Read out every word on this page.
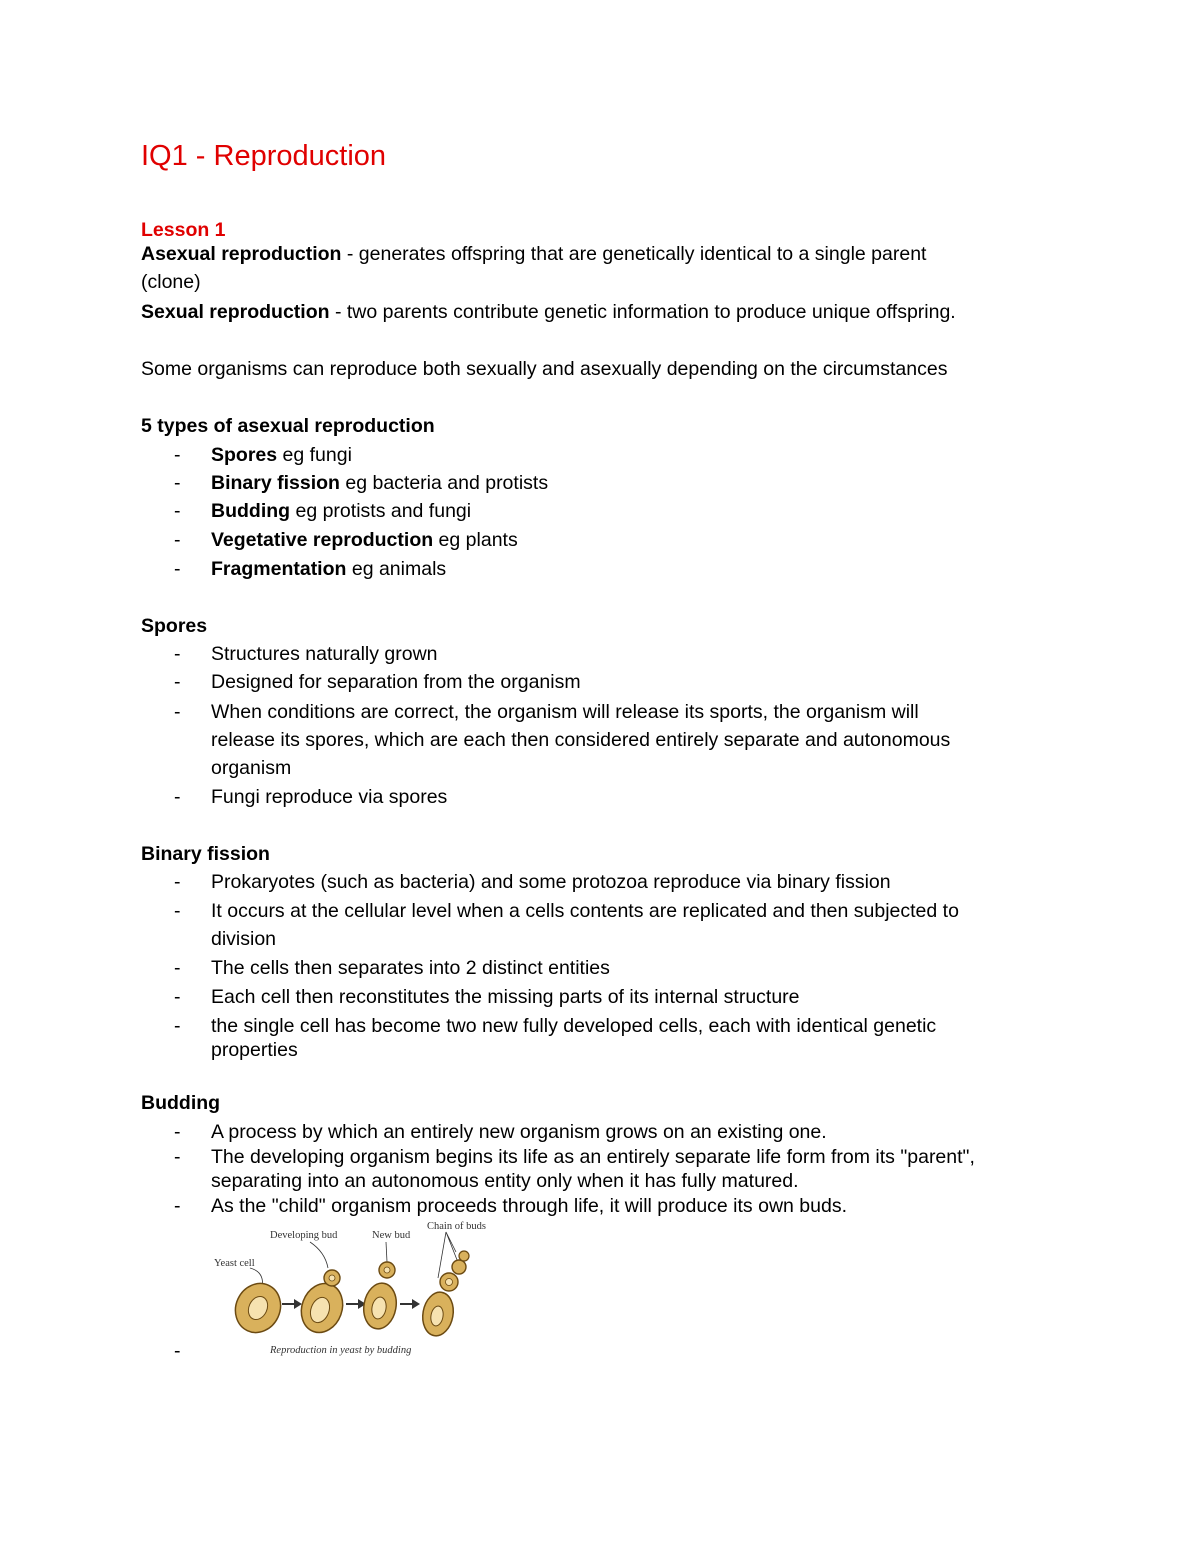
IQ1 - Reproduction
Lesson 1
Asexual reproduction - generates offspring that are genetically identical to a single parent
(clone)
Sexual reproduction - two parents contribute genetic information to produce unique offspring.
Some organisms can reproduce both sexually and asexually depending on the circumstances
5 types of asexual reproduction
- Spores eg fungi
- Binary fission eg bacteria and protists
- Budding eg protists and fungi
- Vegetative reproduction eg plants
- Fragmentation eg animals
Spores
- Structures naturally grown
- Designed for separation from the organism
- When conditions are correct, the organism will release its sports, the organism will
release its spores, which are each then considered entirely separate and autonomous
organism
- Fungi reproduce via spores
Binary fission
- Prokaryotes (such as bacteria) and some protozoa reproduce via binary fission
- It occurs at the cellular level when a cells contents are replicated and then subjected to
division
- The cells then separates into 2 distinct entities
- Each cell then reconstitutes the missing parts of its internal structure
- the single cell has become two new fully developed cells, each with identical genetic
properties
Budding
- A process by which an entirely new organism grows on an existing one.
- The developing organism begins its life as an entirely separate life form from its "parent",
separating into an autonomous entity only when it has fully matured.
- As the "child" organism proceeds through life, it will produce its own buds.
-
Yeast cell
Developing bud	New bud
Chain of buds
Reproduction in yeast by budding
